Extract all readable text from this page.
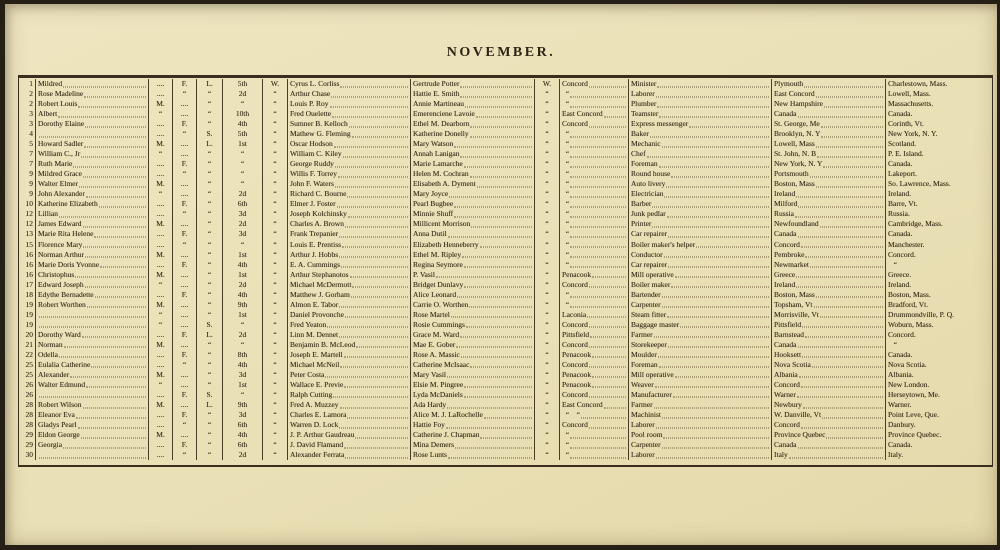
NOVEMBER.
1 Mildred	.... F.	L.	5th	W. Cyrus L. Corliss	Gertrude Potter	W. Concord	Minister	Plymouth	Charlestown, Mass.
2 Rose Madeline	.... “	“	2d	“ Arthur Chase	Hattie E. Smith	“ “	Laborer	East Concord	Lowell, Mass.
2 Robert Louis	M. ....	“	“	“ Louis P. Roy	Annie Martineau	“ “	Plumber	New Hampshire	Massachusetts.
3 Albert	“ ....	“	10th	“ Fred Ouelette	Emerenciene Lavoie	“ East Concord	Teamster	Canada	Canada.
3 Dorothy Elaine	.... F.	“	4th	“ Sumner B. Kelloch	Ethel M. Dearborn	“ Concord	Express messenger	St. George, Me	Corinth, Vt.
4	.... “	S.	5th	“ Mathew G. Fleming	Katherine Donelly	“ “	Baker	Brooklyn, N. Y	New York, N. Y.
5 Howard Sadler	M. .... L.	1st	“ Oscar Hodson	Mary Watson	“ “	Mechanic	Lowell, Mass	Scotland.
7 William C., Jr	“ ....	“	“	“ William C. Kiley	Annah Lanigan	“ “	Chef	St. John, N. B	P. E. Island.
7 Ruth Marie	.... F.	“	“	“ George Ruddy	Marie Lamarche	“ “	Foreman	New York, N. Y	Canada.
9 Mildred Grace	.... “	“	“	“ Willis F. Torrey	Helen M. Cochran	“ “	Round house	Portsmouth	Lakeport.
9 Walter Elmer	M. ....	“	“	“ John F. Waters	Elisabeth A. Dyment	“ “	Auto livery	Boston, Mass	So. Lawrence, Mass.
9 John Alexander	“ ....	“	2d	“ Richard C. Bourne	Mary Joyce	“ “	Electrician	Ireland	Ireland.
10 Katherine Elizabeth	.... F.	“	6th	“ Elmer J. Foster	Pearl Bugbee	“ “	Barber	Milford	Barre, Vt.
12 Lillian	.... “	“	3d	“ Joseph Kolchinsky	Minnie Shuff	“ “	Junk pedlar	Russia	Russia.
12 James Edward	M. ....	“	2d	“ Charles A. Brown	Millicent Morrison	“ “	Printer	Newfoundland	Cambridge, Mass.
13 Marie Rita Helene	.... F.	“	3d	“ Frank Trepanier	Anna Dutil	“ “	Car repairer	Canada	Canada.
15 Florence Mary	.... “	“	“	“ Louis E. Prentiss	Elizabeth Henneberry	“ “	Boiler maker's helper	Concord	Manchester.
16 Norman Arthur	M. ....	“	1st	“ Arthur J. Hobbs	Ethel M. Ripley	“ “	Conductor	Pembroke	Concord.
16 Marie Doris Yvonne	.... F.	“	4th	“ E. A. Cummings	Regina Seymore	“ “	Car repairer	Newmarket	“
16 Christophus	M. ....	“	1st	“ Arthur Stephanotos	P. Vasil	“ Penacook	Mill operative	Greece	Greece.
17 Edward Joseph	“ ....	“	2d	“ Michael McDermott	Bridget Dunlavy	“ Concord	Boiler maker	Ireland	Ireland.
18 Edythe Bernadette	.... F.	“	4th	“ Matthew J. Gorham	Alice Leonard	“ “	Bartender	Boston, Mass	Boston, Mass.
19 Robert Worthen	M. ....	“	9th	“ Almon E. Tabor	Carrie O. Worthen	“ “	Carpenter	Topsham, Vt	Bradford, Vt.
19	“ ....	“	1st	“ Daniel Provonche	Rose Martel	“ Laconia	Steam fitter	Morrisville, Vt	Drummondville, P. Q.
19	“ .... S.	“	“ Fred Yeaton	Rosie Cummings	“ Concord	Baggage master	Pittsfield	Woburn, Mass.
20 Dorothy Ward	.... F.	L.	2d	“ Linn M. Dennet	Grace M. Ward	“ Pittsfield	Farmer	Barnstead	Concord.
21 Norman	M. ....	“	“	“ Benjamin B. McLeod	Mae E. Gober	“ Concord	Storekeeper	Canada	“
22 Odella	.... F.	“	8th	“ Joseph E. Martell	Rose A. Massic	“ Penacook	Moulder	Hooksett	Canada.
25 Eulalia Catherine	.... “	“	4th	“ Michael McNeil	Catherine McIsaac	“ Concord	Foreman	Nova Scotia	Nova Scotia.
25 Alexander	M. ....	“	3d	“ Peter Costa	Mary Vasil	“ Penacook	Mill operative	Albania	Albania.
26 Walter Edmund	“ ....	“	1st	“ Wallace E. Previe	Elsie M. Pingree	“ Penacook	Weaver	Concord	New London.
26	.... F.	S.	“	“ Ralph Cutting	Lyda McDaniels	“ Concord	Manufacturer	Warner	Herseytown, Me.
28 Robert Wilson	M. .... L.	9th	“ Fred A. Muzzey	Ada Hardy	“ East Concord	Farmer	Newbury	Warner.
28 Eleanor Eva	.... F.	“	3d	“ Charles E. Lamora	Alice M. J. LaRochelle	“ “    “	Machinist	W. Danville, Vt	Point Leve, Que.
28 Gladys Pearl	.... “	“	6th	“ Warren D. Lock	Hattie Foy	“ Concord	Laborer	Concord	Danbury.
29 Eldon George	M. ....	“	4th	“ J. P. Arthur Gaudreau	Catherine J. Chapman	“ “	Pool room	Province Quebec	Province Quebec.
29 Georgia	.... F.	“	6th	“ J. David Flamand	Mina Demers	“ “	Carpenter	Canada	Canada.
30	.... “	“	2d	“ Alexander Ferrata	Rose Lunts	“ “	Laborer	Italy	Italy.
